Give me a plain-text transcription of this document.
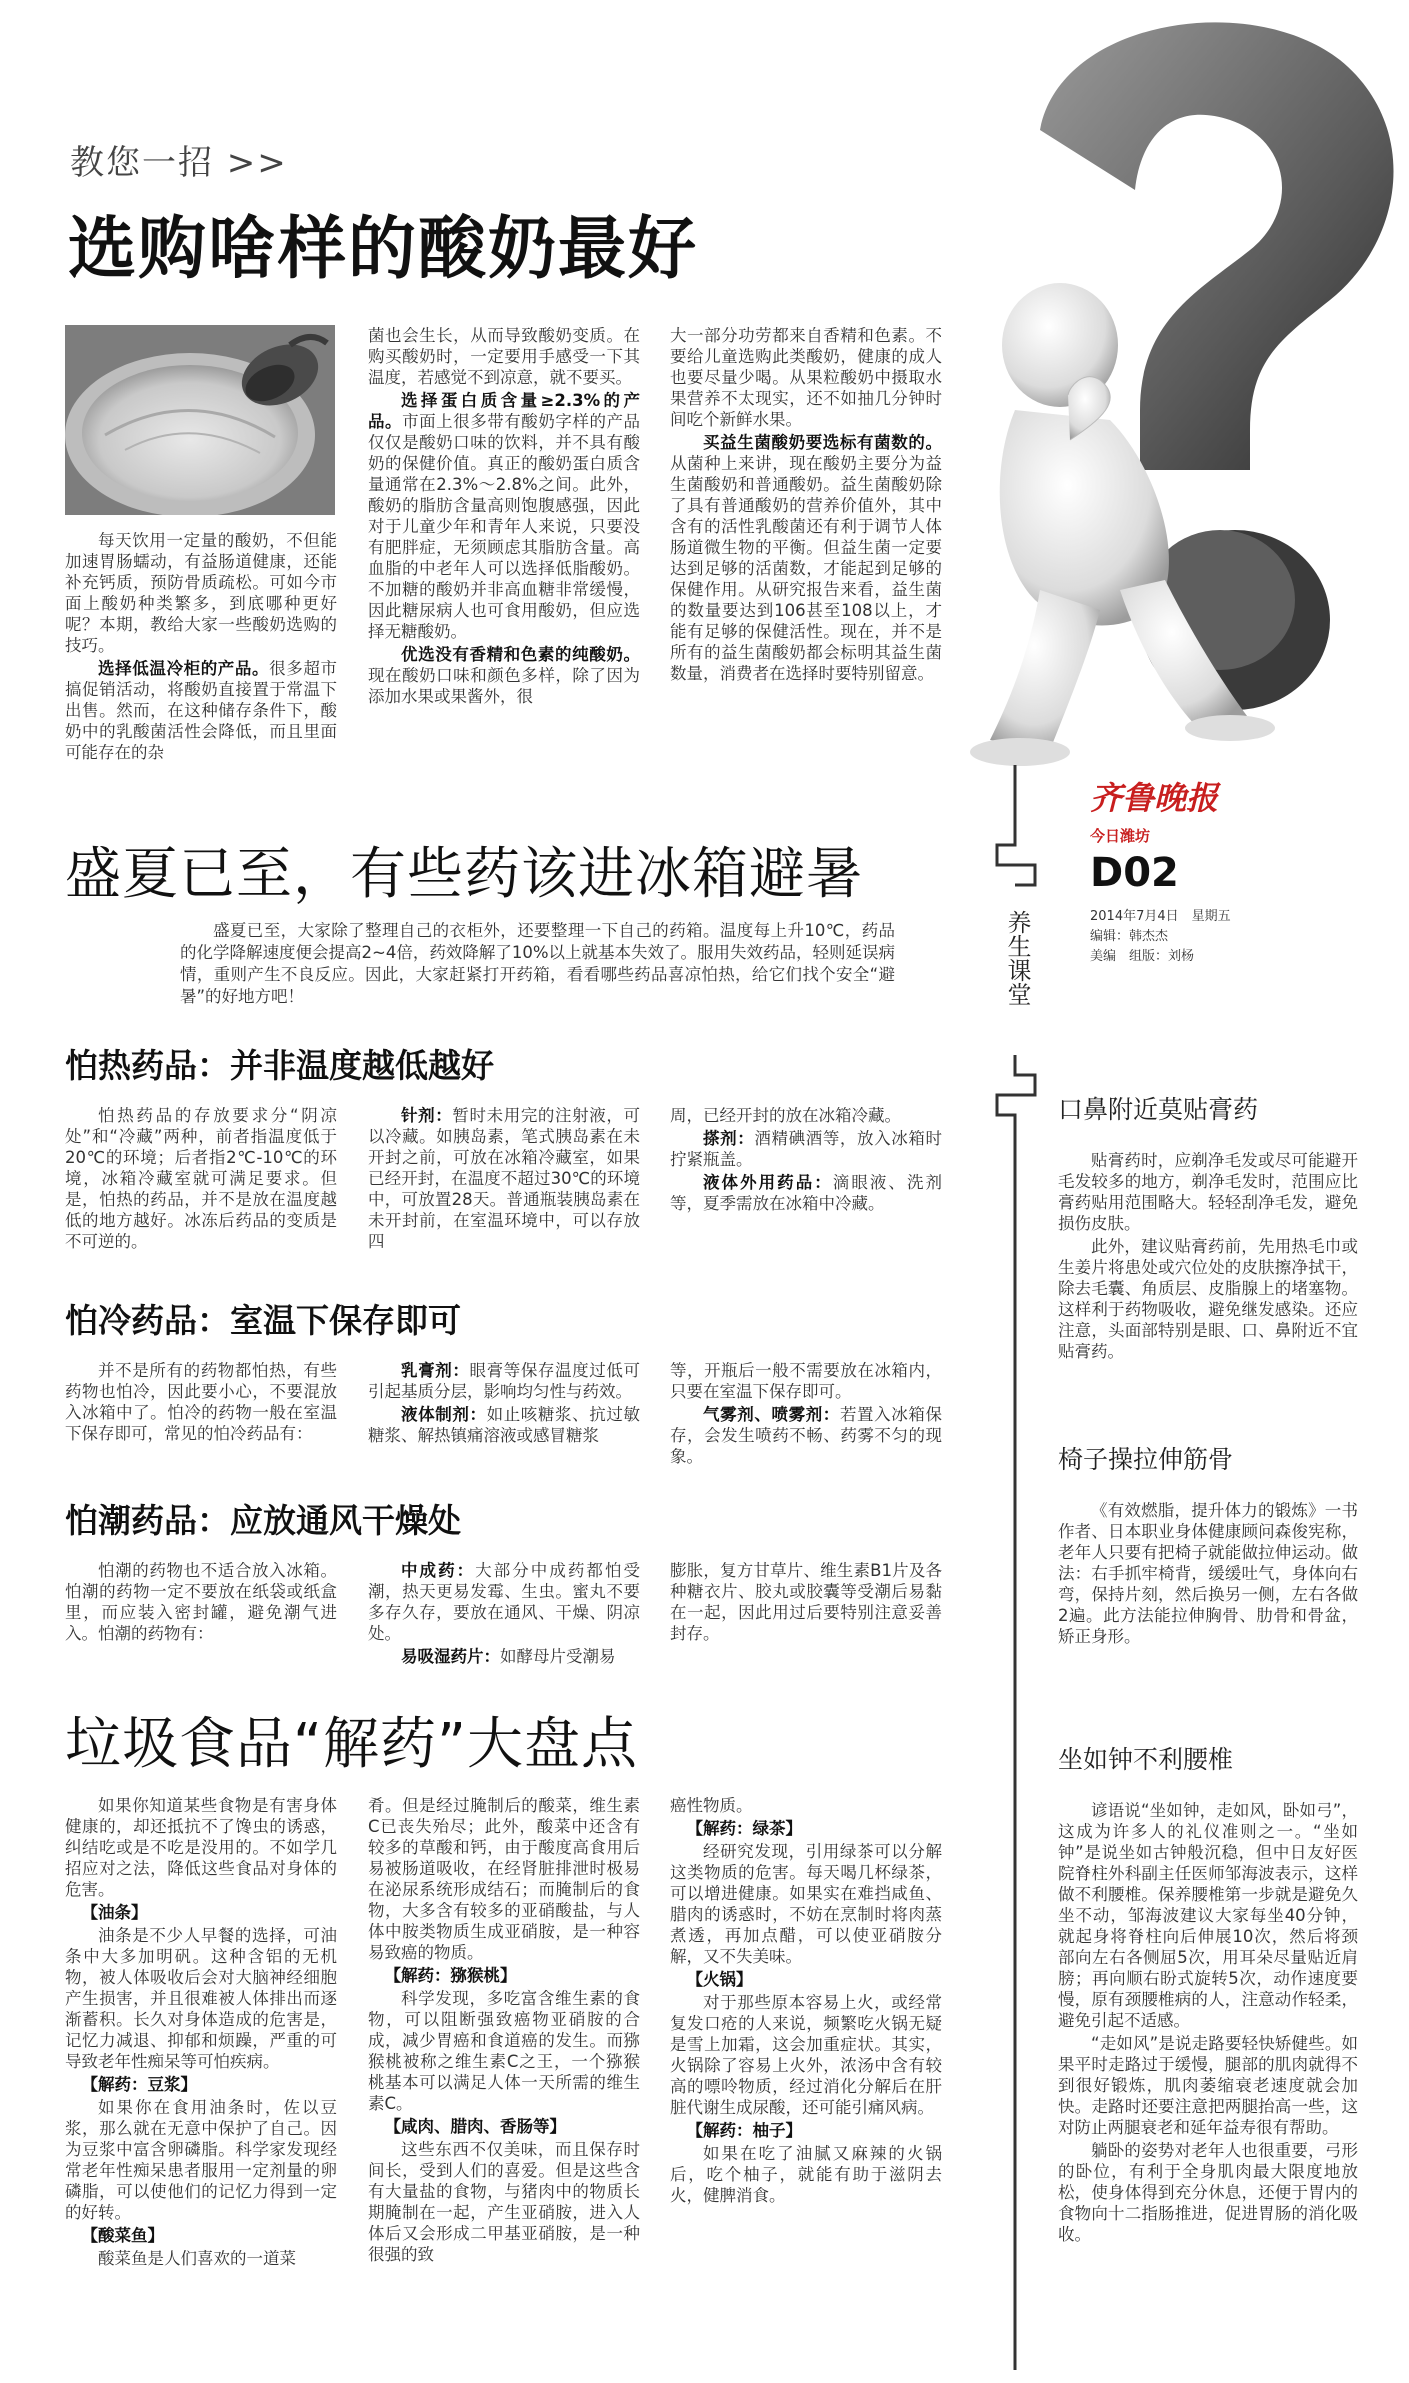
教您一招 >>
选购啥样的酸奶最好

每天饮用一定量的酸奶，不但能加速胃肠蠕动，有益肠道健康，还能补充钙质，预防骨质疏松。可如今市面上酸奶种类繁多，到底哪种更好呢？本期，教给大家一些酸奶选购的技巧。

选择低温冷柜的产品。很多超市搞促销活动，将酸奶直接置于常温下出售。然而，在这种储存条件下，酸奶中的乳酸菌活性会降低，而且里面可能存在的杂

菌也会生长，从而导致酸奶变质。在购买酸奶时，一定要用手感受一下其温度，若感觉不到凉意，就不要买。

选择蛋白质含量≥2.3%的产品。市面上很多带有酸奶字样的产品仅仅是酸奶口味的饮料，并不具有酸奶的保健价值。真正的酸奶蛋白质含量通常在2.3%～2.8%之间。此外，酸奶的脂肪含量高则饱腹感强，因此对于儿童少年和青年人来说，只要没有肥胖症，无须顾虑其脂肪含量。高血脂的中老年人可以选择低脂酸奶。不加糖的酸奶并非高血糖非常缓慢，因此糖尿病人也可食用酸奶，但应选择无糖酸奶。

优选没有香精和色素的纯酸奶。现在酸奶口味和颜色多样，除了因为添加水果或果酱外，很

大一部分功劳都来自香精和色素。不要给儿童选购此类酸奶，健康的成人也要尽量少喝。从果粒酸奶中摄取水果营养不太现实，还不如抽几分钟时间吃个新鲜水果。

买益生菌酸奶要选标有菌数的。从菌种上来讲，现在酸奶主要分为益生菌酸奶和普通酸奶。益生菌酸奶除了具有普通酸奶的营养价值外，其中含有的活性乳酸菌还有利于调节人体肠道微生物的平衡。但益生菌一定要达到足够的活菌数，才能起到足够的保健作用。从研究报告来看，益生菌的数量要达到106甚至108以上，才能有足够的保健活性。现在，并不是所有的益生菌酸奶都会标明其益生菌数量，消费者在选择时要特别留意。

齐鲁晚报
今日潍坊
D02
2014年7月4日　星期五
编辑：韩杰杰
美编　组版：刘杨
养生课堂
口鼻附近莫贴膏药

贴膏药时，应剃净毛发或尽可能避开毛发较多的地方，剃净毛发时，范围应比膏药贴用范围略大。轻轻刮净毛发，避免损伤皮肤。

此外，建议贴膏药前，先用热毛巾或生姜片将患处或穴位处的皮肤擦净拭干，除去毛囊、角质层、皮脂腺上的堵塞物。这样利于药物吸收，避免继发感染。还应注意，头面部特别是眼、口、鼻附近不宜贴膏药。

椅子操拉伸筋骨

《有效燃脂，提升体力的锻炼》一书作者、日本职业身体健康顾问森俊宪称，老年人只要有把椅子就能做拉伸运动。做法：右手抓牢椅背，缓缓吐气，身体向右弯，保持片刻，然后换另一侧，左右各做2遍。此方法能拉伸胸骨、肋骨和骨盆，矫正身形。

坐如钟不利腰椎

谚语说“坐如钟，走如风，卧如弓”，这成为许多人的礼仪准则之一。“坐如钟”是说坐如古钟般沉稳，但中日友好医院脊柱外科副主任医师邹海波表示，这样做不利腰椎。保养腰椎第一步就是避免久坐不动，邹海波建议大家每坐40分钟，就起身将脊柱向后伸展10次，然后将颈部向左右各侧屈5次，用耳朵尽量贴近肩膀；再向顺右盼式旋转5次，动作速度要慢，原有颈腰椎病的人，注意动作轻柔，避免引起不适感。

“走如风”是说走路要轻快矫健些。如果平时走路过于缓慢，腿部的肌肉就得不到很好锻炼，肌肉萎缩衰老速度就会加快。走路时还要注意把两腿抬高一些，这对防止两腿衰老和延年益寿很有帮助。

躺卧的姿势对老年人也很重要，弓形的卧位，有利于全身肌肉最大限度地放松，使身体得到充分休息，还便于胃内的食物向十二指肠推进，促进胃肠的消化吸收。

盛夏已至，有些药该进冰箱避暑

盛夏已至，大家除了整理自己的衣柜外，还要整理一下自己的药箱。温度每上升10℃，药品的化学降解速度便会提高2~4倍，药效降解了10%以上就基本失效了。服用失效药品，轻则延误病情，重则产生不良反应。因此，大家赶紧打开药箱，看看哪些药品喜凉怕热，给它们找个安全“避暑”的好地方吧！

怕热药品：并非温度越低越好

怕热药品的存放要求分“阴凉处”和“冷藏”两种，前者指温度低于20℃的环境；后者指2℃-10℃的环境，冰箱冷藏室就可满足要求。但是，怕热的药品，并不是放在温度越低的地方越好。冰冻后药品的变质是不可逆的。

针剂：暂时未用完的注射液，可以冷藏。如胰岛素，笔式胰岛素在未开封之前，可放在冰箱冷藏室，如果已经开封，在温度不超过30℃的环境中，可放置28天。普通瓶装胰岛素在未开封前，在室温环境中，可以存放四

周，已经开封的放在冰箱冷藏。

搽剂：酒精碘酒等，放入冰箱时拧紧瓶盖。

液体外用药品：滴眼液、洗剂等，夏季需放在冰箱中冷藏。

怕冷药品：室温下保存即可

并不是所有的药物都怕热，有些药物也怕冷，因此要小心，不要混放入冰箱中了。怕冷的药物一般在室温下保存即可，常见的怕冷药品有：

乳膏剂：眼膏等保存温度过低可引起基质分层，影响均匀性与药效。

液体制剂：如止咳糖浆、抗过敏糖浆、解热镇痛溶液或感冒糖浆

等，开瓶后一般不需要放在冰箱内，只要在室温下保存即可。

气雾剂、喷雾剂：若置入冰箱保存，会发生喷药不畅、药雾不匀的现象。

怕潮药品：应放通风干燥处

怕潮的药物也不适合放入冰箱。怕潮的药物一定不要放在纸袋或纸盒里，而应装入密封罐，避免潮气进入。怕潮的药物有：

中成药：大部分中成药都怕受潮，热天更易发霉、生虫。蜜丸不要多存久存，要放在通风、干燥、阴凉处。

易吸湿药片：如酵母片受潮易

膨胀，复方甘草片、维生素B1片及各种糖衣片、胶丸或胶囊等受潮后易黏在一起，因此用过后要特别注意妥善封存。

垃圾食品“解药”大盘点

如果你知道某些食物是有害身体健康的，却还抵抗不了馋虫的诱惑，纠结吃或是不吃是没用的。不如学几招应对之法，降低这些食品对身体的危害。

【油条】

油条是不少人早餐的选择，可油条中大多加明矾。这种含铝的无机物，被人体吸收后会对大脑神经细胞产生损害，并且很难被人体排出而逐渐蓄积。长久对身体造成的危害是，记忆力减退、抑郁和烦躁，严重的可导致老年性痴呆等可怕疾病。

【解药：豆浆】

如果你在食用油条时，佐以豆浆，那么就在无意中保护了自己。因为豆浆中富含卵磷脂。科学家发现经常老年性痴呆患者服用一定剂量的卵磷脂，可以使他们的记忆力得到一定的好转。

【酸菜鱼】

酸菜鱼是人们喜欢的一道菜

肴。但是经过腌制后的酸菜，维生素C已丧失殆尽；此外，酸菜中还含有较多的草酸和钙，由于酸度高食用后易被肠道吸收，在经肾脏排泄时极易在泌尿系统形成结石；而腌制后的食物，大多含有较多的亚硝酸盐，与人体中胺类物质生成亚硝胺，是一种容易致癌的物质。

【解药：猕猴桃】

科学发现，多吃富含维生素的食物，可以阻断强致癌物亚硝胺的合成，减少胃癌和食道癌的发生。而猕猴桃被称之维生素C之王，一个猕猴桃基本可以满足人体一天所需的维生素C。

【咸肉、腊肉、香肠等】

这些东西不仅美味，而且保存时间长，受到人们的喜爱。但是这些含有大量盐的食物，与猪肉中的物质长期腌制在一起，产生亚硝胺，进入人体后又会形成二甲基亚硝胺，是一种很强的致

癌性物质。

【解药：绿茶】

经研究发现，引用绿茶可以分解这类物质的危害。每天喝几杯绿茶，可以增进健康。如果实在难挡咸鱼、腊肉的诱惑时，不妨在烹制时将肉蒸煮透，再加点醋，可以使亚硝胺分解，又不失美味。

【火锅】

对于那些原本容易上火，或经常复发口疮的人来说，频繁吃火锅无疑是雪上加霜，这会加重症状。其实，火锅除了容易上火外，浓汤中含有较高的嘌呤物质，经过消化分解后在肝脏代谢生成尿酸，还可能引痛风病。

【解药：柚子】

如果在吃了油腻又麻辣的火锅后，吃个柚子，就能有助于滋阴去火，健脾消食。
